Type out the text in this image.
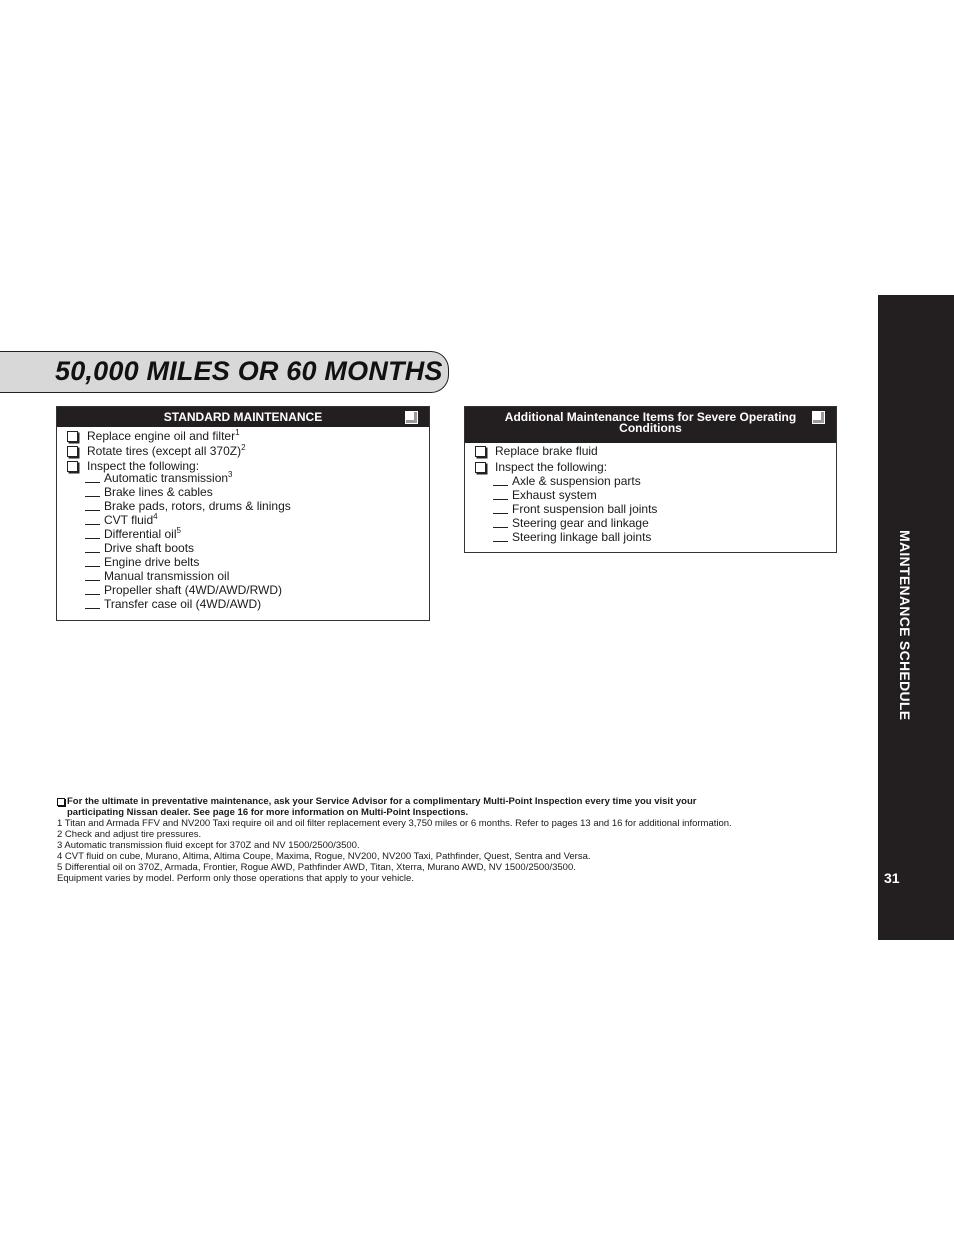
50,000 MILES OR 60 MONTHS
STANDARD MAINTENANCE
Replace engine oil and filter$^1$
Rotate tires (except all 370Z)$^2$
Inspect the following:
Automatic transmission$^3$
Brake lines & cables
Brake pads, rotors, drums & linings
CVT fluid$^4$
Differential oil$^5$
Drive shaft boots
Engine drive belts
Manual transmission oil
Propeller shaft (4WD/AWD/RWD)
Transfer case oil (4WD/AWD)
Additional Maintenance Items for Severe Operating
Conditions
Replace brake fluid
Inspect the following:
Axle & suspension parts
Exhaust system
Front suspension ball joints
Steering gear and linkage
Steering linkage ball joints
For the ultimate in preventative maintenance, ask your Service Advisor for a complimentary Multi-Point Inspection every time you visit your
participating Nissan dealer. See page 16 for more information on Multi-Point Inspections.
1 Titan and Armada FFV and NV200 Taxi require oil and oil filter replacement every 3,750 miles or 6 months. Refer to pages 13 and 16 for additional information.
2 Check and adjust tire pressures.
3 Automatic transmission fluid except for 370Z and NV 1500/2500/3500.
4 CVT fluid on cube, Murano, Altima, Altima Coupe, Maxima, Rogue, NV200, NV200 Taxi, Pathfinder, Quest, Sentra and Versa.
5 Differential oil on 370Z, Armada, Frontier, Rogue AWD, Pathfinder AWD, Titan, Xterra, Murano AWD, NV 1500/2500/3500.
Equipment varies by model. Perform only those operations that apply to your vehicle.
MAINTENANCE SCHEDULE
31
